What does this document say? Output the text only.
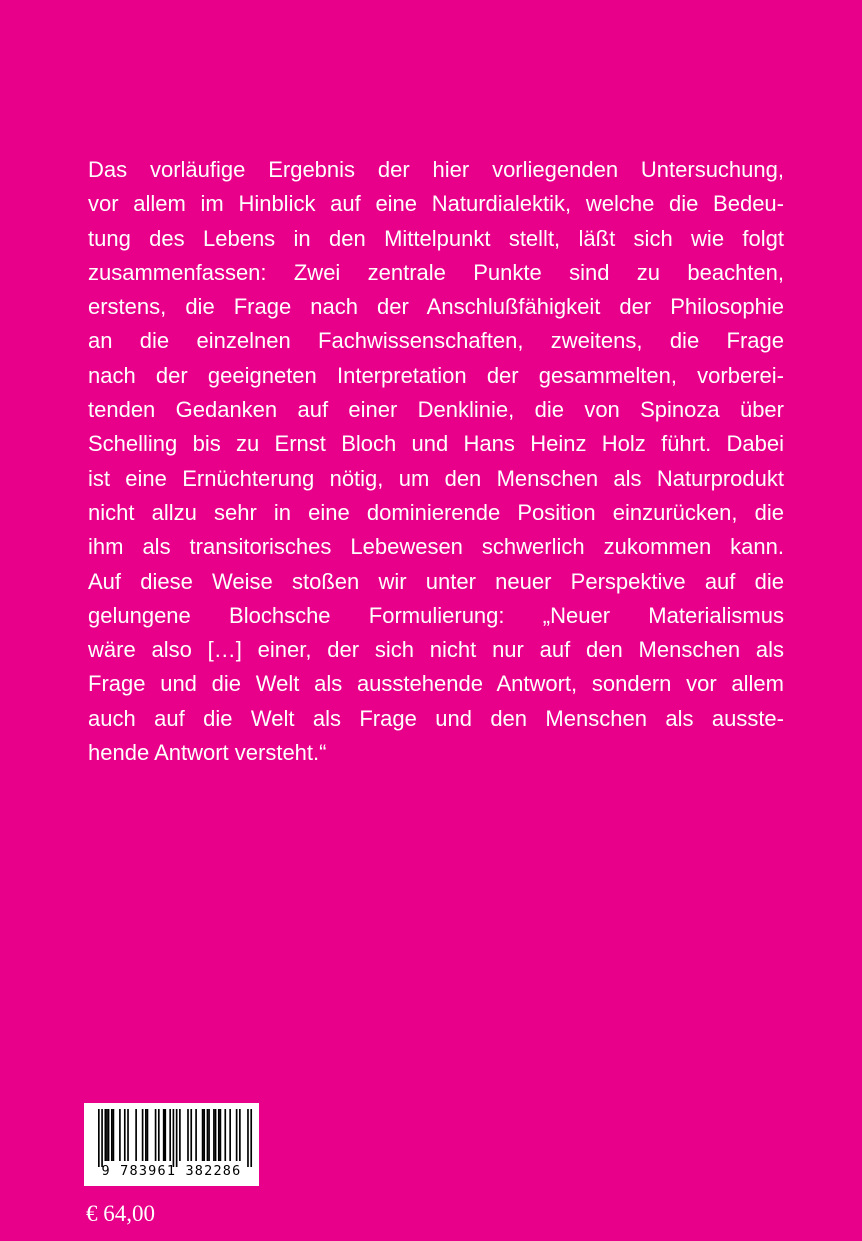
Das vorläufige Ergebnis der hier vorliegenden Untersuchung,
vor allem im Hinblick auf eine Naturdialektik, welche die Bedeu-
tung des Lebens in den Mittelpunkt stellt, läßt sich wie folgt
zusammenfassen: Zwei zentrale Punkte sind zu beachten,
erstens, die Frage nach der Anschlußfähigkeit der Philosophie
an die einzelnen Fachwissenschaften, zweitens, die Frage
nach der geeigneten Interpretation der gesammelten, vorberei-
tenden Gedanken auf einer Denklinie, die von Spinoza über
Schelling bis zu Ernst Bloch und Hans Heinz Holz führt. Dabei
ist eine Ernüchterung nötig, um den Menschen als Naturprodukt
nicht allzu sehr in eine dominierende Position einzurücken, die
ihm als transitorisches Lebewesen schwerlich zukommen kann.
Auf diese Weise stoßen wir unter neuer Perspektive auf die
gelungene Blochsche Formulierung: „Neuer Materialismus
wäre also […] einer, der sich nicht nur auf den Menschen als
Frage und die Welt als ausstehende Antwort, sondern vor allem
auch auf die Welt als Frage und den Menschen als ausste-
hende Antwort versteht.“
9 783961 382286
€ 64,00
